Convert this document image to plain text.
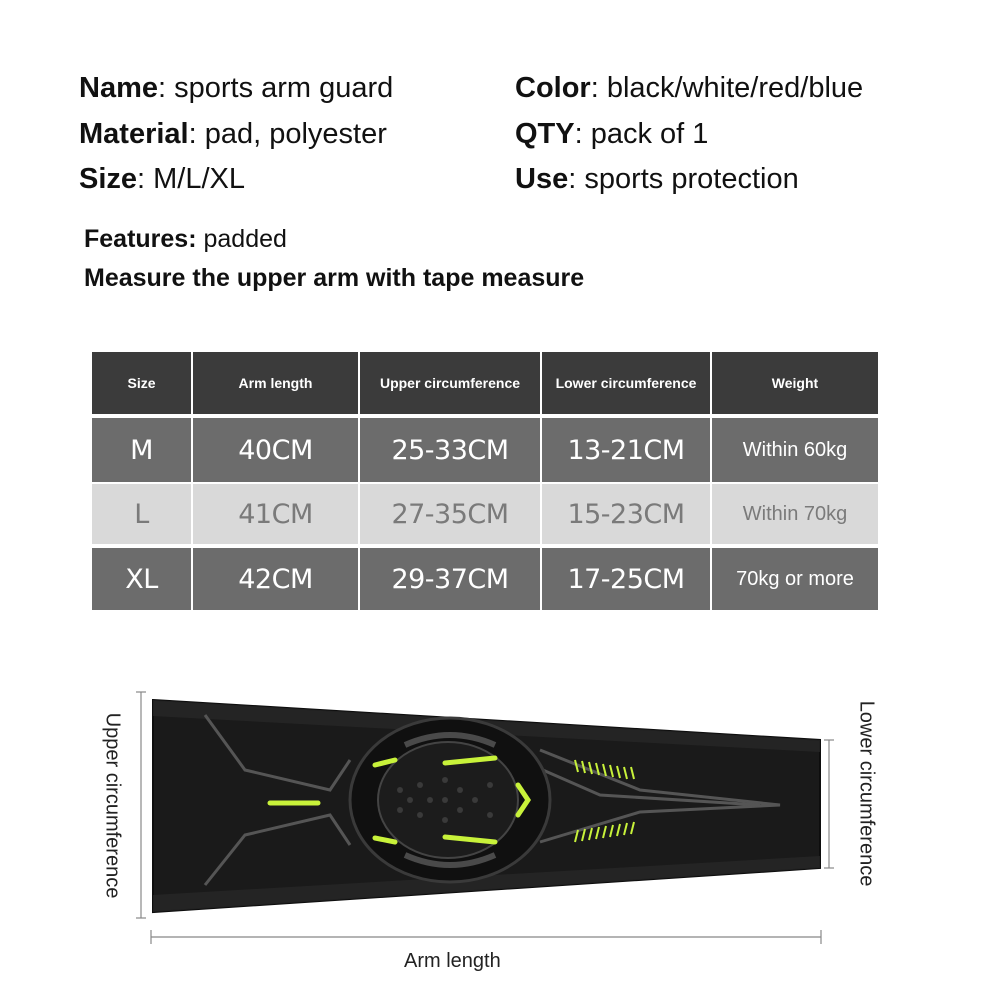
Name: sports arm guard
Material: pad, polyester
Size: M/L/XL
Color: black/white/red/blue
QTY: pack of 1
Use: sports protection
Features: padded
Measure the upper arm with tape measure
Size	Arm length	Upper circumference	Lower circumference	Weight
M	40CM	25-33CM	13-21CM	Within 60kg
L	41CM	27-35CM	15-23CM	Within 70kg
XL	42CM	29-37CM	17-25CM	70kg or more
Upper circumference	Lower circumference
Arm length
